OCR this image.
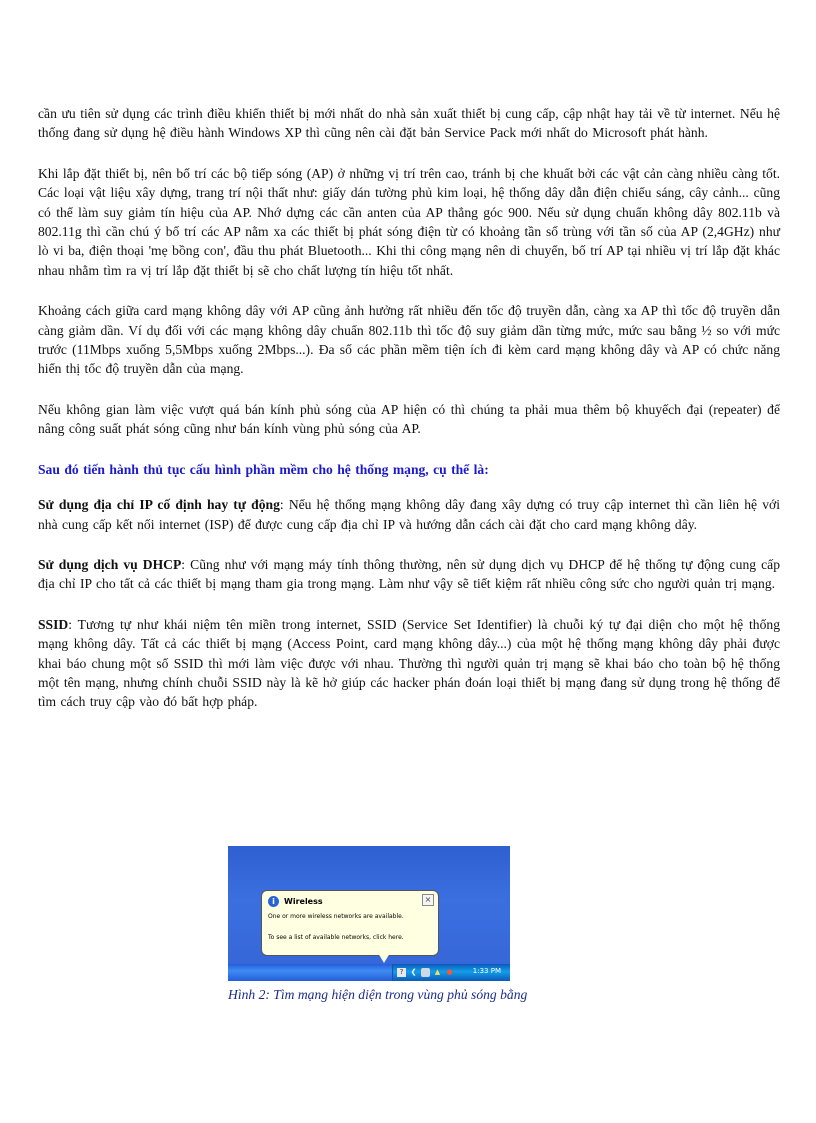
cần ưu tiên sử dụng các trình điều khiển thiết bị mới nhất do nhà sản xuất thiết bị cung cấp, cập nhật hay tải về từ internet. Nếu hệ thống đang sử dụng hệ điều hành Windows XP thì cũng nên cài đặt bản Service Pack mới nhất do Microsoft phát hành.

Khi lắp đặt thiết bị, nên bố trí các bộ tiếp sóng (AP) ở những vị trí trên cao, tránh bị che khuất bởi các vật cản càng nhiều càng tốt. Các loại vật liệu xây dựng, trang trí nội thất như: giấy dán tường phủ kim loại, hệ thống dây dẫn điện chiếu sáng, cây cảnh... cũng có thể làm suy giảm tín hiệu của AP. Nhớ dựng các cần anten của AP thẳng góc 900. Nếu sử dụng chuẩn không dây 802.11b và 802.11g thì cần chú ý bố trí các AP nằm xa các thiết bị phát sóng điện từ có khoảng tần số trùng với tần số của AP (2,4GHz) như lò vi ba, điện thoại 'mẹ bồng con', đầu thu phát Bluetooth... Khi thi công mạng nên di chuyển, bố trí AP tại nhiều vị trí lắp đặt khác nhau nhằm tìm ra vị trí lắp đặt thiết bị sẽ cho chất lượng tín hiệu tốt nhất.

Khoảng cách giữa card mạng không dây với AP cũng ảnh hưởng rất nhiều đến tốc độ truyền dẫn, càng xa AP thì tốc độ truyền dẫn càng giảm dần. Ví dụ đối với các mạng không dây chuẩn 802.11b thì tốc độ suy giảm dần từng mức, mức sau bằng ½ so với mức trước (11Mbps xuống 5,5Mbps xuống 2Mbps...). Đa số các phần mềm tiện ích đi kèm card mạng không dây và AP có chức năng hiển thị tốc độ truyền dẫn của mạng.

Nếu không gian làm việc vượt quá bán kính phủ sóng của AP hiện có thì chúng ta phải mua thêm bộ khuyếch đại (repeater) để nâng công suất phát sóng cũng như bán kính vùng phủ sóng của AP.

Sau đó tiến hành thủ tục cấu hình phần mềm cho hệ thống mạng, cụ thể là:

Sử dụng địa chỉ IP cố định hay tự động: Nếu hệ thống mạng không dây đang xây dựng có truy cập internet thì cần liên hệ với nhà cung cấp kết nối internet (ISP) để được cung cấp địa chỉ IP và hướng dẫn cách cài đặt cho card mạng không dây.

Sử dụng dịch vụ DHCP: Cũng như với mạng máy tính thông thường, nên sử dụng dịch vụ DHCP để hệ thống tự động cung cấp địa chỉ IP cho tất cả các thiết bị mạng tham gia trong mạng. Làm như vậy sẽ tiết kiệm rất nhiều công sức cho người quản trị mạng.

SSID: Tương tự như khái niệm tên miền trong internet, SSID (Service Set Identifier) là chuỗi ký tự đại diện cho một hệ thống mạng không dây. Tất cả các thiết bị mạng (Access Point, card mạng không dây...) của một hệ thống mạng không dây phải được khai báo chung một số SSID thì mới làm việc được với nhau. Thường thì người quản trị mạng sẽ khai báo cho toàn bộ hệ thống một tên mạng, nhưng chính chuỗi SSID này là kẽ hở giúp các hacker phán đoán loại thiết bị mạng đang sử dụng trong hệ thống để tìm cách truy cập vào đó bất hợp pháp.

i	Wireless	×
One or more wireless networks are available.
To see a list of available networks, click here.
?	❮	▲ ●	1:33 PM
Hình 2: Tìm mạng hiện diện trong vùng phủ sóng bằng
